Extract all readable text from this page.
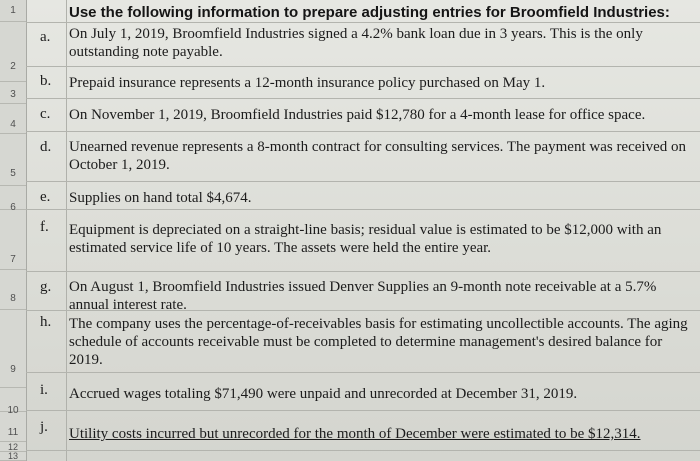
1
2
3
4
5
6
7
8
9
10
11
12
13
Use the following information to prepare adjusting entries for Broomfield Industries:
a. On July 1, 2019, Broomfield Industries signed a 4.2% bank loan due in 3 years. This is the only outstanding note payable.
b. Prepaid insurance represents a 12-month insurance policy purchased on May 1.
c. On November 1, 2019, Broomfield Industries paid $12,780 for a 4-month lease for office space.
d. Unearned revenue represents a 8-month contract for consulting services. The payment was received on October 1, 2019.
e. Supplies on hand total $4,674.
f. Equipment is depreciated on a straight-line basis; residual value is estimated to be $12,000 with an estimated service life of 10 years. The assets were held the entire year.
g. On August 1, Broomfield Industries issued Denver Supplies an 9-month note receivable at a 5.7% annual interest rate.
h. The company uses the percentage-of-receivables basis for estimating uncollectible accounts. The aging schedule of accounts receivable must be completed to determine management's desired balance for 2019.
i. Accrued wages totaling $71,490 were unpaid and unrecorded at December 31, 2019.
j. Utility costs incurred but unrecorded for the month of December were estimated to be $12,314.
